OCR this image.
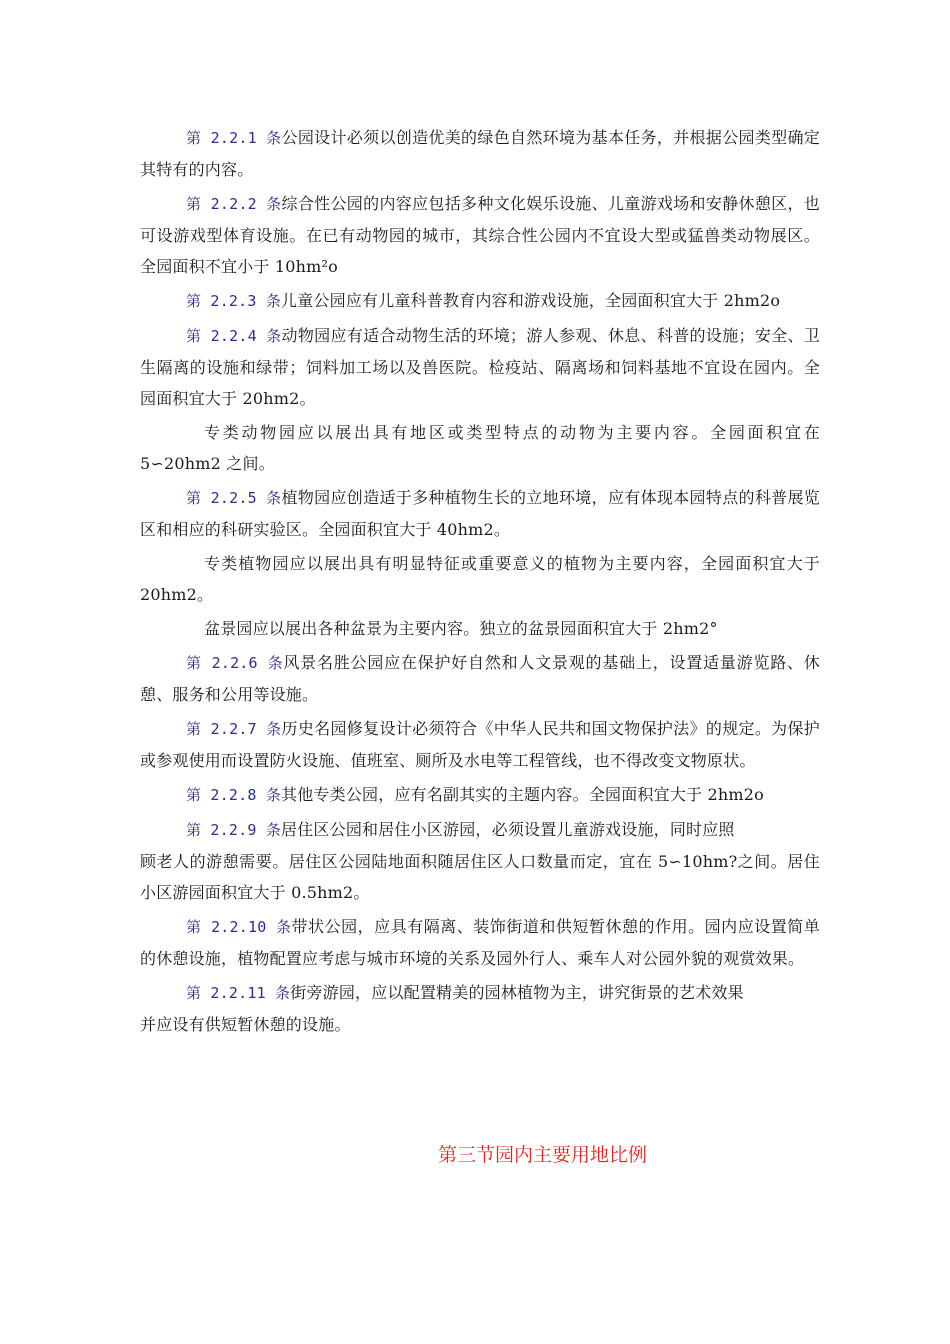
第 2.2.1 条公园设计必须以创造优美的绿色自然环境为基本任务，并根据公园类型确定其特有的内容。

第 2.2.2 条综合性公园的内容应包括多种文化娱乐设施、儿童游戏场和安静休憩区，也可设游戏型体育设施。在已有动物园的城市，其综合性公园内不宜设大型或猛兽类动物展区。全园面积不宜小于 10hm²o

第 2.2.3 条儿童公园应有儿童科普教育内容和游戏设施，全园面积宜大于 2hm2o

第 2.2.4 条动物园应有适合动物生活的环境；游人参观、休息、科普的设施；安全、卫生隔离的设施和绿带；饲料加工场以及兽医院。检疫站、隔离场和饲料基地不宜设在园内。全园面积宜大于 20hm2。

专类动物园应以展出具有地区或类型特点的动物为主要内容。全园面积宜在 5∽20hm2 之间。

第 2.2.5 条植物园应创造适于多种植物生长的立地环境，应有体现本园特点的科普展览区和相应的科研实验区。全园面积宜大于 40hm2。

专类植物园应以展出具有明显特征或重要意义的植物为主要内容，全园面积宜大于 20hm2。

盆景园应以展出各种盆景为主要内容。独立的盆景园面积宜大于 2hm2°

第 2.2.6 条风景名胜公园应在保护好自然和人文景观的基础上，设置适量游览路、休憩、服务和公用等设施。

第 2.2.7 条历史名园修复设计必须符合《中华人民共和国文物保护法》的规定。为保护或参观使用而设置防火设施、值班室、厕所及水电等工程管线，也不得改变文物原状。

第 2.2.8 条其他专类公园，应有名副其实的主题内容。全园面积宜大于 2hm2o

第 2.2.9 条居住区公园和居住小区游园，必须设置儿童游戏设施，同时应照

顾老人的游憩需要。居住区公园陆地面积随居住区人口数量而定，宜在 5∽10hm?之间。居住小区游园面积宜大于 0.5hm2。

第 2.2.10 条带状公园，应具有隔离、装饰街道和供短暂休憩的作用。园内应设置简单的休憩设施，植物配置应考虑与城市环境的关系及园外行人、乘车人对公园外貌的观赏效果。

第 2.2.11 条街旁游园，应以配置精美的园林植物为主，讲究街景的艺术效果

并应设有供短暂休憩的设施。

第三节园内主要用地比例
